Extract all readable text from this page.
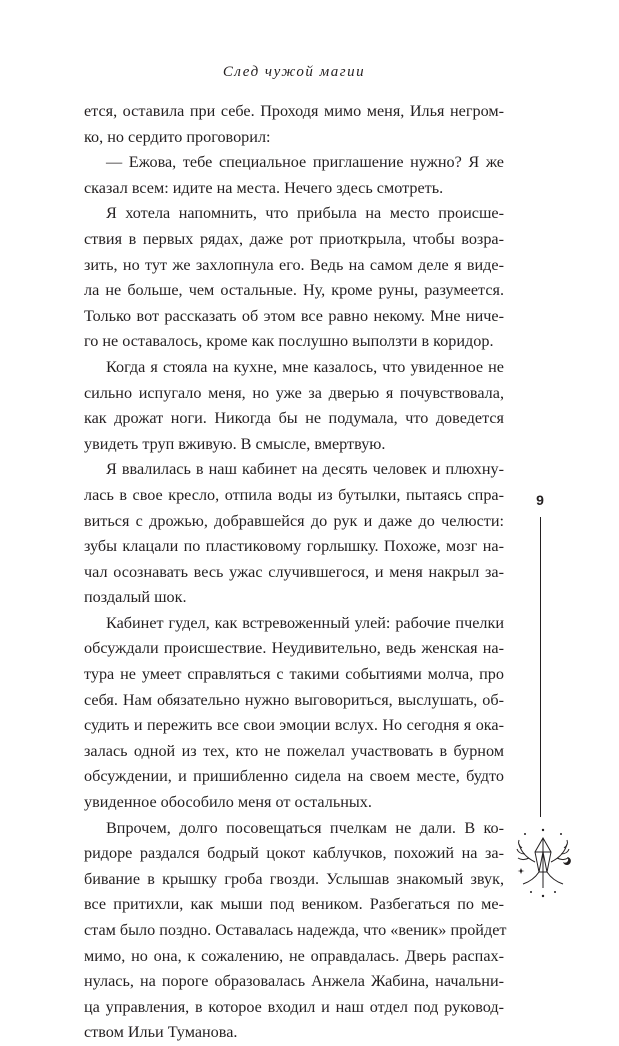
След чужой магии
ется, оставила при себе. Проходя мимо меня, Илья негром-
ко, но сердито проговорил:
— Ежова, тебе специальное приглашение нужно? Я же
сказал всем: идите на места. Нечего здесь смотреть.
Я хотела напомнить, что прибыла на место происше-
ствия в первых рядах, даже рот приоткрыла, чтобы возра-
зить, но тут же захлопнула его. Ведь на самом деле я виде-
ла не больше, чем остальные. Ну, кроме руны, разумеется.
Только вот рассказать об этом все равно некому. Мне ниче-
го не оставалось, кроме как послушно выползти в коридор.
Когда я стояла на кухне, мне казалось, что увиденное не
сильно испугало меня, но уже за дверью я почувствовала,
как дрожат ноги. Никогда бы не подумала, что доведется
увидеть труп вживую. В смысле, вмертвую.
Я ввалилась в наш кабинет на десять человек и плюхну-
лась в свое кресло, отпила воды из бутылки, пытаясь спра-
виться с дрожью, добравшейся до рук и даже до челюсти:
зубы клацали по пластиковому горлышку. Похоже, мозг на-
чал осознавать весь ужас случившегося, и меня накрыл за-
поздалый шок.
Кабинет гудел, как встревоженный улей: рабочие пчелки
обсуждали происшествие. Неудивительно, ведь женская на-
тура не умеет справляться с такими событиями молча, про
себя. Нам обязательно нужно выговориться, выслушать, об-
судить и пережить все свои эмоции вслух. Но сегодня я ока-
залась одной из тех, кто не пожелал участвовать в бурном
обсуждении, и пришибленно сидела на своем месте, будто
увиденное обособило меня от остальных.
Впрочем, долго посовещаться пчелкам не дали. В ко-
ридоре раздался бодрый цокот каблучков, похожий на за-
бивание в крышку гроба гвозди. Услышав знакомый звук,
все притихли, как мыши под веником. Разбегаться по ме-
стам было поздно. Оставалась надежда, что «веник» пройдет
мимо, но она, к сожалению, не оправдалась. Дверь распах-
нулась, на пороге образовалась Анжела Жабина, начальни-
ца управления, в которое входил и наш отдел под руковод-
ством Ильи Туманова.
9
